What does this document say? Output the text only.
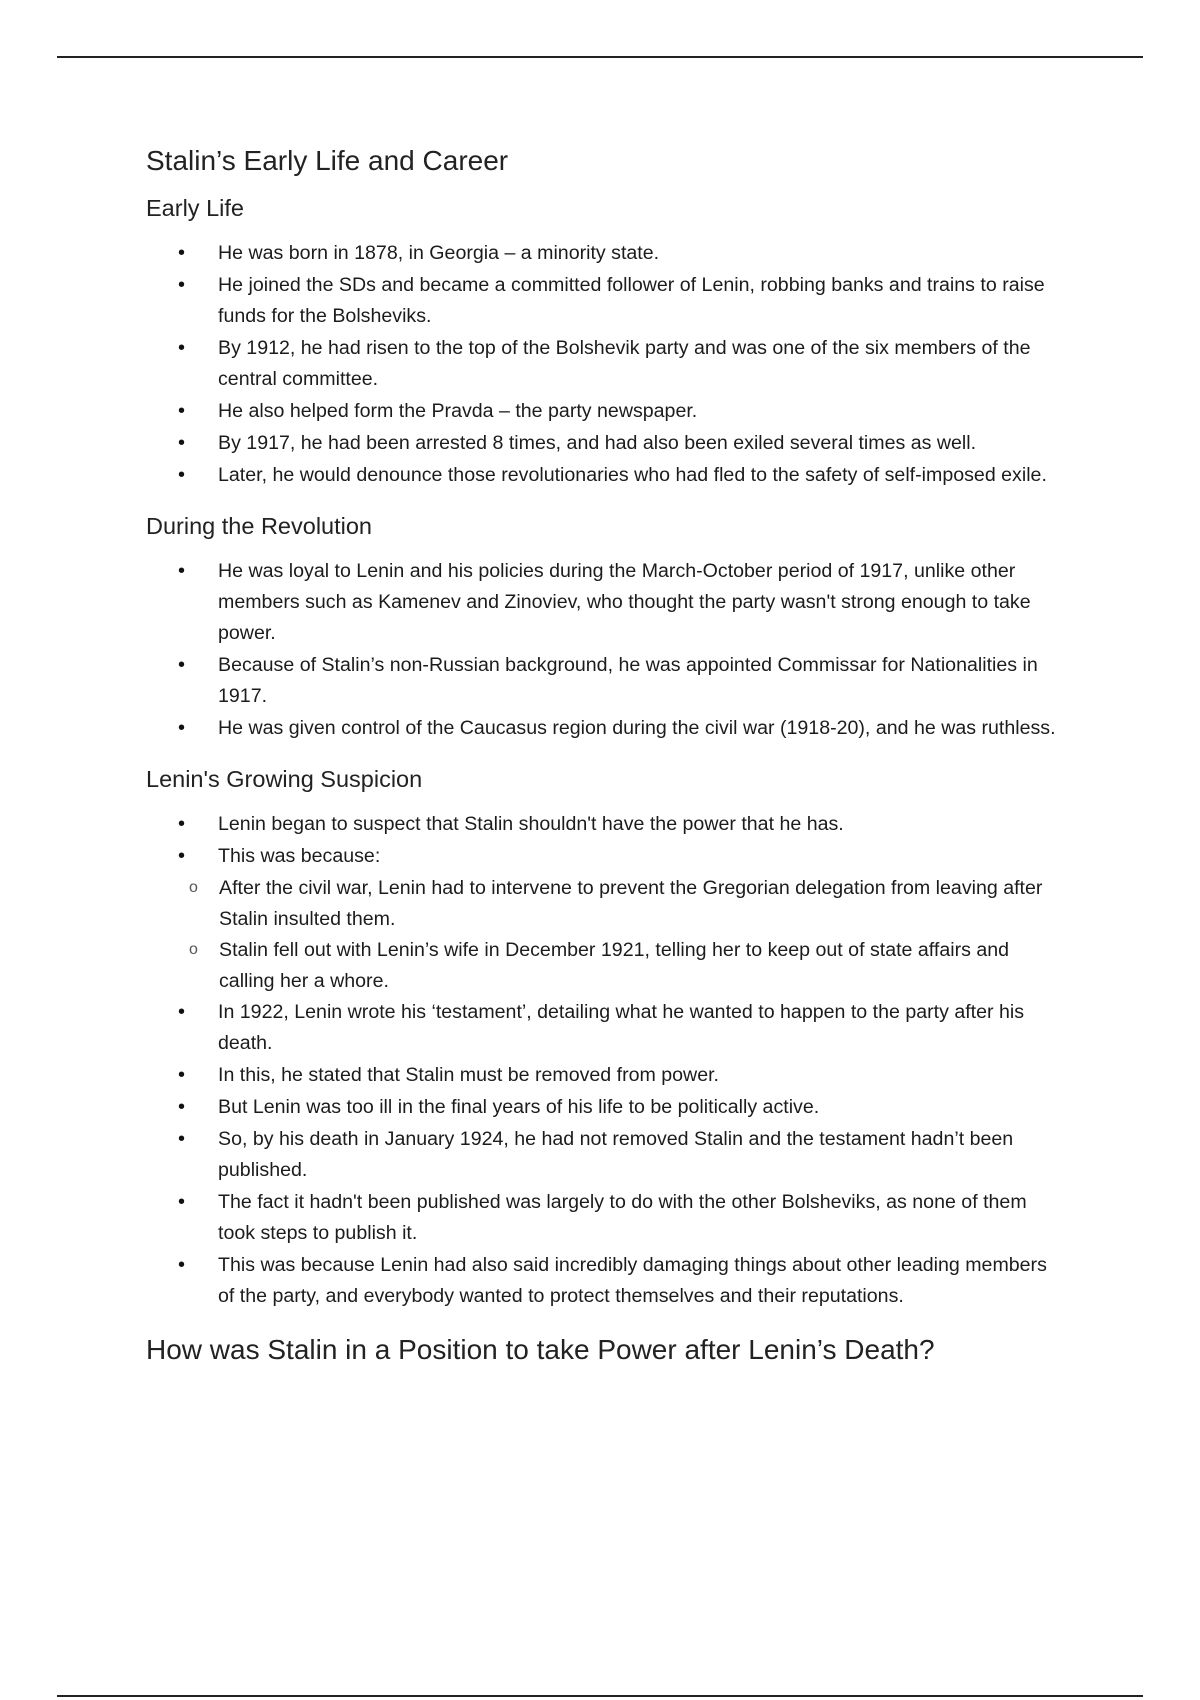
Stalin’s Early Life and Career
Early Life
• He was born in 1878, in Georgia – a minority state.
• He joined the SDs and became a committed follower of Lenin, robbing banks and trains to raise funds for the Bolsheviks.
• By 1912, he had risen to the top of the Bolshevik party and was one of the six members of the central committee.
• He also helped form the Pravda – the party newspaper.
• By 1917, he had been arrested 8 times, and had also been exiled several times as well.
• Later, he would denounce those revolutionaries who had fled to the safety of self-imposed exile.
During the Revolution
• He was loyal to Lenin and his policies during the March-October period of 1917, unlike other members such as Kamenev and Zinoviev, who thought the party wasn't strong enough to take power.
• Because of Stalin’s non-Russian background, he was appointed Commissar for Nationalities in 1917.
• He was given control of the Caucasus region during the civil war (1918-20), and he was ruthless.
Lenin's Growing Suspicion
• Lenin began to suspect that Stalin shouldn't have the power that he has.
• This was because:
o After the civil war, Lenin had to intervene to prevent the Gregorian delegation from leaving after Stalin insulted them.
o Stalin fell out with Lenin’s wife in December 1921, telling her to keep out of state affairs and calling her a whore.
• In 1922, Lenin wrote his ‘testament’, detailing what he wanted to happen to the party after his death.
• In this, he stated that Stalin must be removed from power.
• But Lenin was too ill in the final years of his life to be politically active.
• So, by his death in January 1924, he had not removed Stalin and the testament hadn’t been published.
• The fact it hadn't been published was largely to do with the other Bolsheviks, as none of them took steps to publish it.
• This was because Lenin had also said incredibly damaging things about other leading members of the party, and everybody wanted to protect themselves and their reputations.
How was Stalin in a Position to take Power after Lenin’s Death?
